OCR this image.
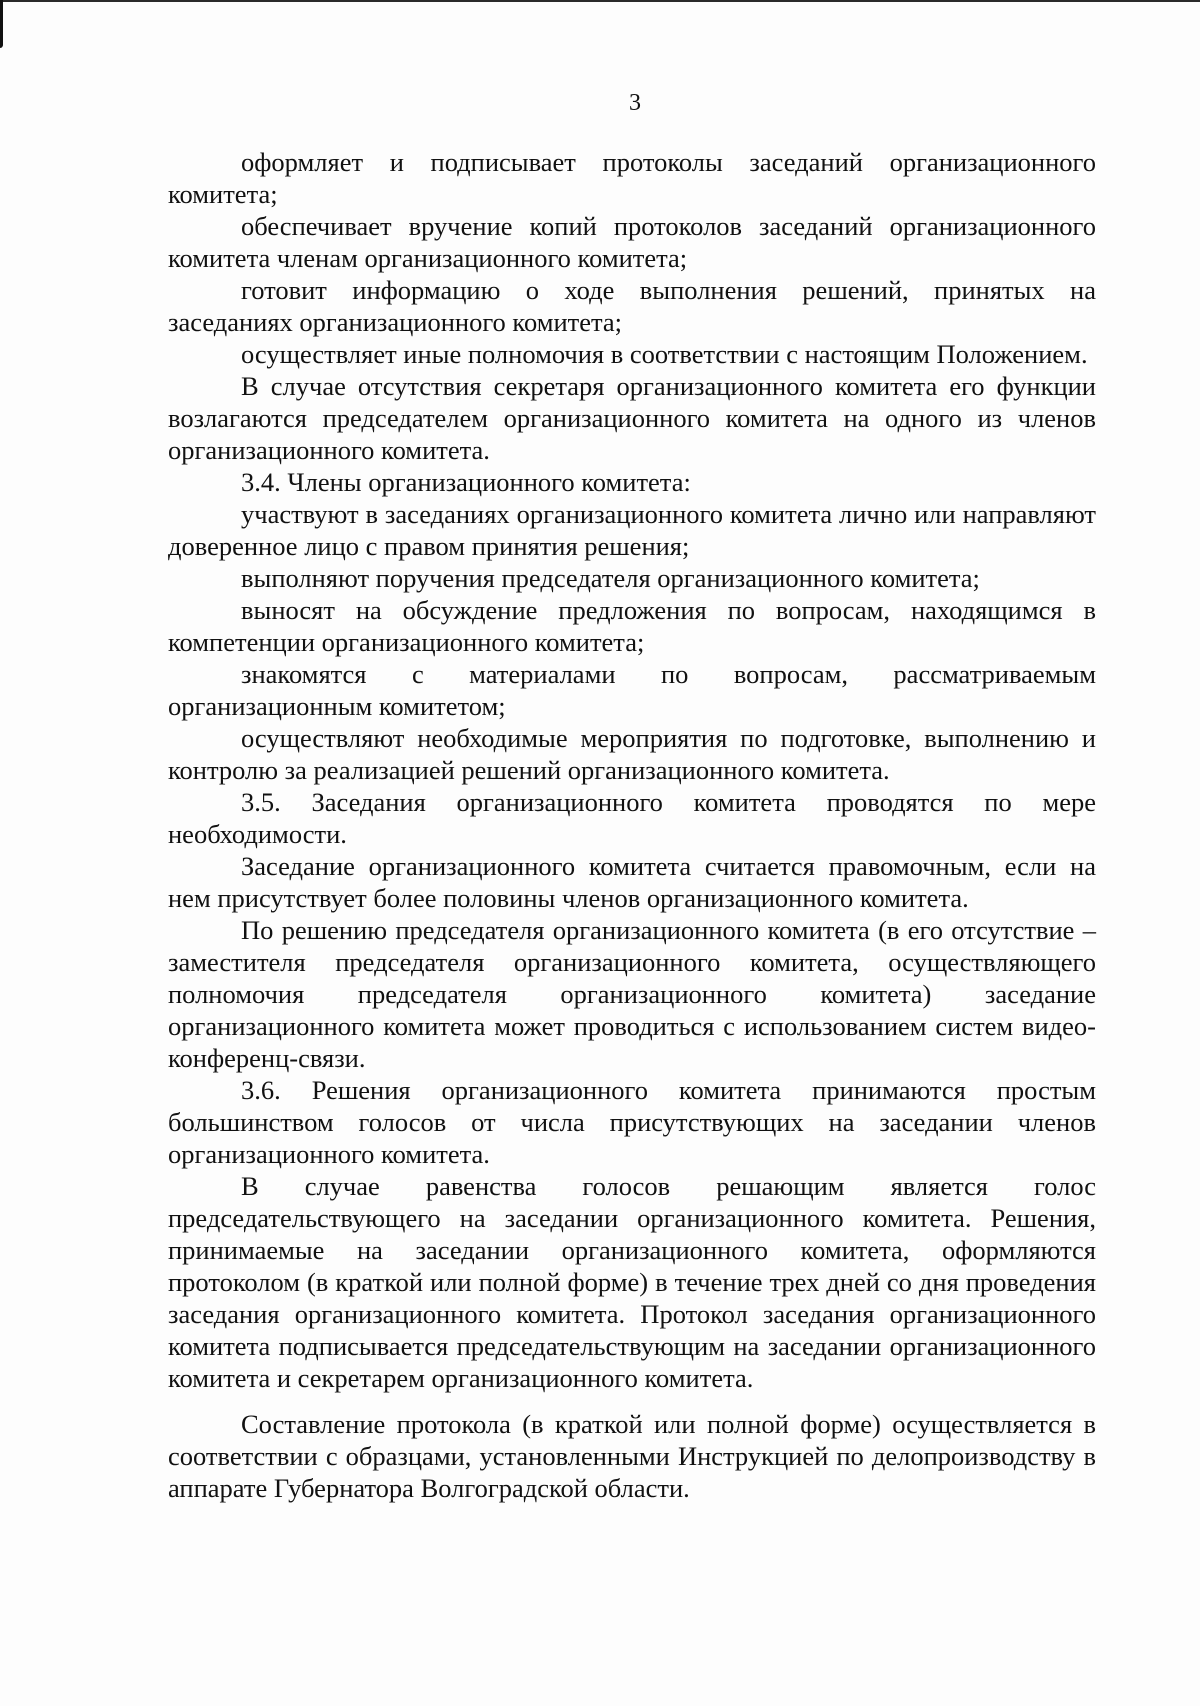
3

оформляет и подписывает протоколы заседаний организационного комитета;

обеспечивает вручение копий протоколов заседаний организационного комитета членам организационного комитета;

готовит информацию о ходе выполнения решений, принятых на заседаниях организационного комитета;

осуществляет иные полномочия в соответствии с настоящим Положением.

В случае отсутствия секретаря организационного комитета его функции возлагаются председателем организационного комитета на одного из членов организационного комитета.

3.4. Члены организационного комитета:

участвуют в заседаниях организационного комитета лично или направляют доверенное лицо с правом принятия решения;

выполняют поручения председателя организационного комитета;

выносят на обсуждение предложения по вопросам, находящимся в компетенции организационного комитета;

знакомятся с материалами по вопросам, рассматриваемым организационным комитетом;

осуществляют необходимые мероприятия по подготовке, выполнению и контролю за реализацией решений организационного комитета.

3.5. Заседания организационного комитета проводятся по мере необходимости.

Заседание организационного комитета считается правомочным, если на нем присутствует более половины членов организационного комитета.

По решению председателя организационного комитета (в его отсутствие – заместителя председателя организационного комитета, осуществляющего полномочия председателя организационного комитета) заседание организационного комитета может проводиться с использованием систем видео-конференц-связи.

3.6. Решения организационного комитета принимаются простым большинством голосов от числа присутствующих на заседании членов организационного комитета.

В случае равенства голосов решающим является голос председательствующего на заседании организационного комитета. Решения, принимаемые на заседании организационного комитета, оформляются протоколом (в краткой или полной форме) в течение трех дней со дня проведения заседания организационного комитета. Протокол заседания организационного комитета подписывается председательствующим на заседании организационного комитета и секретарем организационного комитета.

Составление протокола (в краткой или полной форме) осуществляется в соответствии с образцами, установленными Инструкцией по делопроизводству в аппарате Губернатора Волгоградской области.
